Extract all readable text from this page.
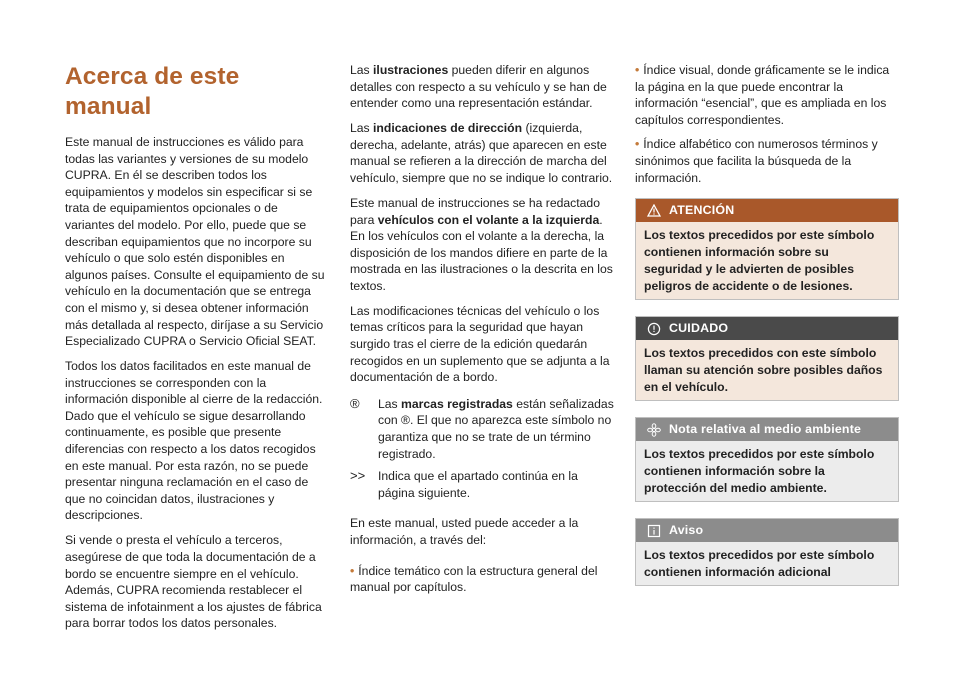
Acerca de este manual

Este manual de instrucciones es válido para todas las variantes y versiones de su modelo CUPRA. En él se describen todos los equipamientos y modelos sin especificar si se trata de equipamientos opcionales o de variantes del modelo. Por ello, puede que se describan equipamientos que no incorpore su vehículo o que solo estén disponibles en algunos países. Consulte el equipamiento de su vehículo en la documentación que se entrega con el mismo y, si desea obtener información más detallada al respecto, diríjase a su Servicio Especializado CUPRA o Servicio Oficial SEAT.

Todos los datos facilitados en este manual de instrucciones se corresponden con la información disponible al cierre de la redacción. Dado que el vehículo se sigue desarrollando continuamente, es posible que presente diferencias con respecto a los datos recogidos en este manual. Por esta razón, no se puede presentar ninguna reclamación en el caso de que no coincidan datos, ilustraciones y descripciones.

Si vende o presta el vehículo a terceros, asegúrese de que toda la documentación de a bordo se encuentre siempre en el vehículo. Además, CUPRA recomienda restablecer el sistema de infotainment a los ajustes de fábrica para borrar todos los datos personales.

Las ilustraciones pueden diferir en algunos detalles con respecto a su vehículo y se han de entender como una representación estándar.

Las indicaciones de dirección (izquierda, derecha, adelante, atrás) que aparecen en este manual se refieren a la dirección de marcha del vehículo, siempre que no se indique lo contrario.

Este manual de instrucciones se ha redactado para vehículos con el volante a la izquierda. En los vehículos con el volante a la derecha, la disposición de los mandos difiere en parte de la mostrada en las ilustraciones o la descrita en los textos.

Las modificaciones técnicas del vehículo o los temas críticos para la seguridad que hayan surgido tras el cierre de la edición quedarán recogidos en un suplemento que se adjunta a la documentación de a bordo.

®	Las marcas registradas están señalizadas con ®. El que no aparezca este símbolo no garantiza que no se trate de un término registrado.
>>	Indica que el apartado continúa en la página siguiente.

En este manual, usted puede acceder a la información, a través del:

• Índice temático con la estructura general del manual por capítulos.

• Índice visual, donde gráficamente se le indica la página en la que puede encontrar la información “esencial”, que es ampliada en los capítulos correspondientes.

• Índice alfabético con numerosos términos y sinónimos que facilita la búsqueda de la información.

ATENCIÓN
Los textos precedidos por este símbolo contienen información sobre su seguridad y le advierten de posibles peligros de accidente o de lesiones.
CUIDADO
Los textos precedidos con este símbolo llaman su atención sobre posibles daños en el vehículo.
Nota relativa al medio ambiente
Los textos precedidos por este símbolo contienen información sobre la protección del medio ambiente.
Aviso
Los textos precedidos por este símbolo contienen información adicional
